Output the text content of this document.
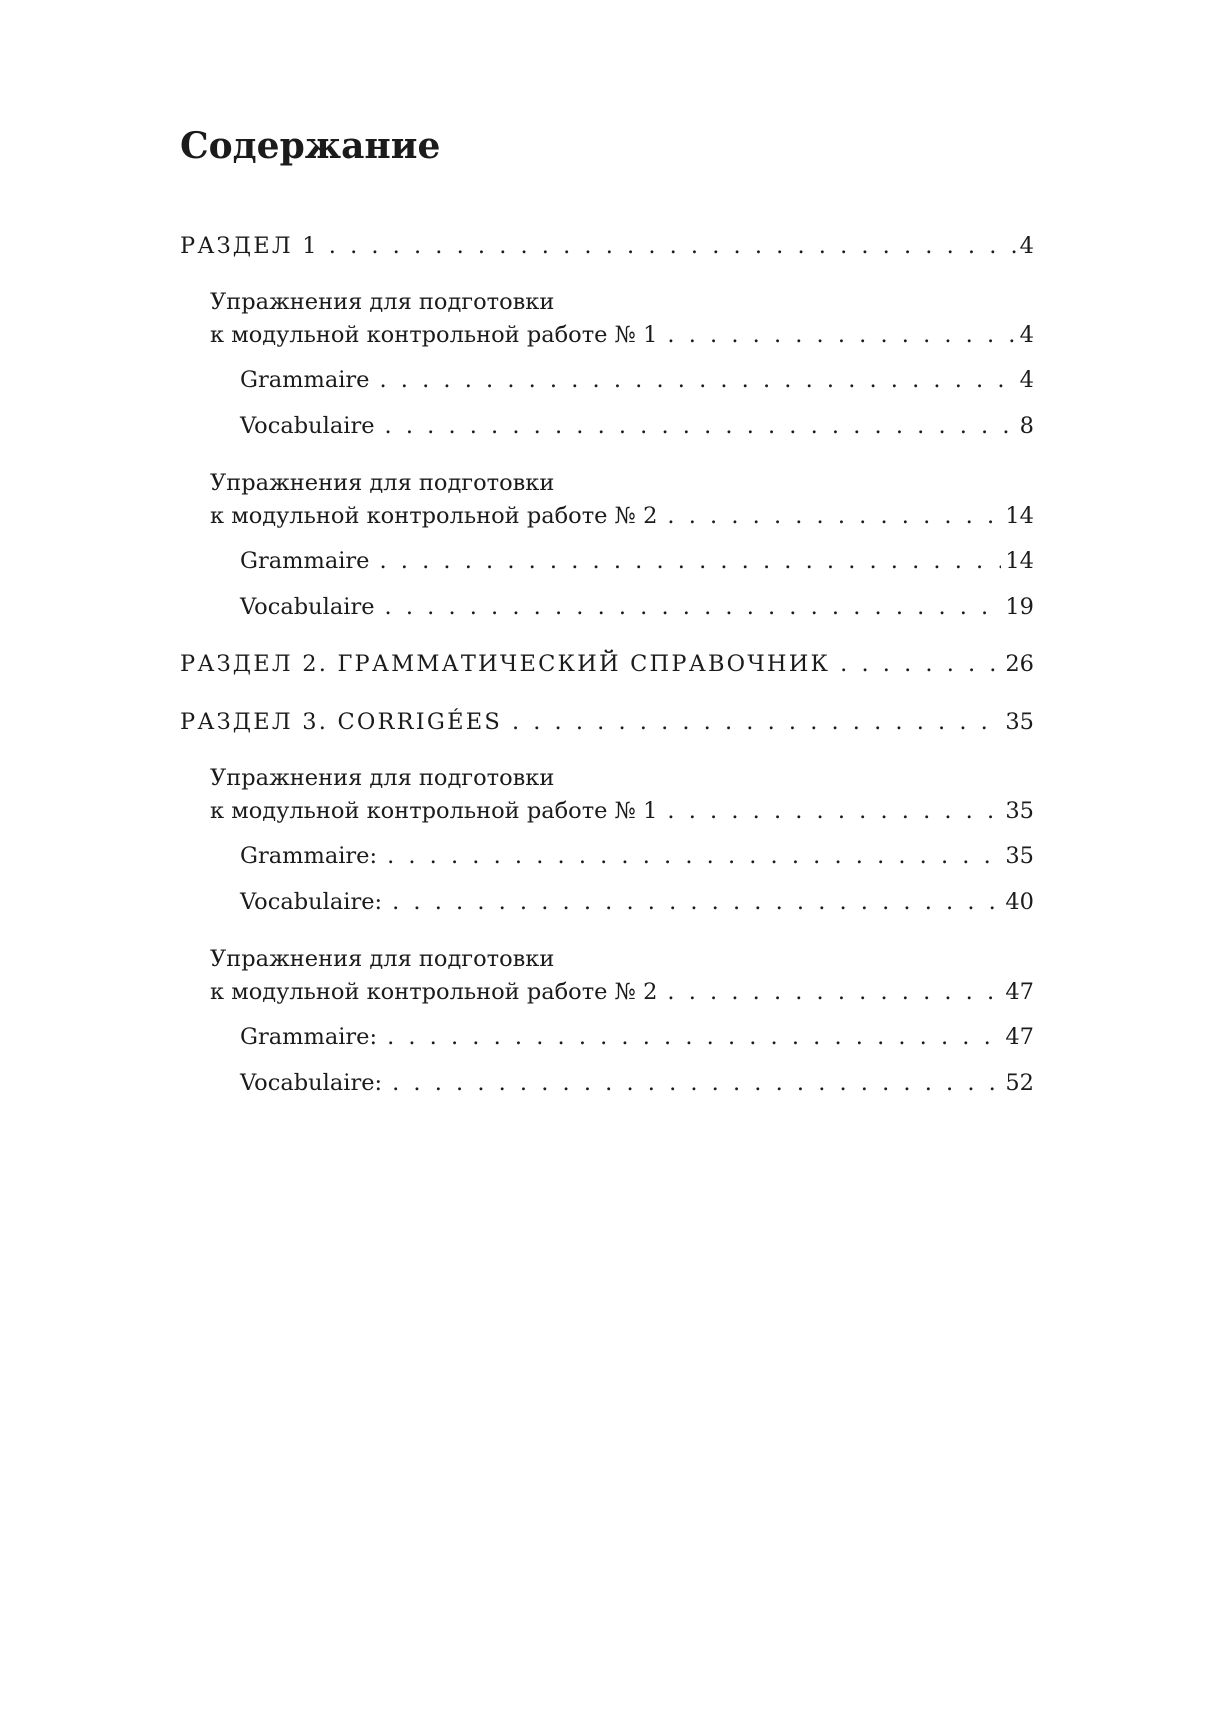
Содержание
РАЗДЕЛ 1 . . .	4
Упражнения для подготовки
к модульной контрольной работе № 1 . . .	4
Grammaire . . .	4
Vocabulaire . . .	8
Упражнения для подготовки
к модульной контрольной работе № 2 . . .	14
Grammaire . . .	14
Vocabulaire . . .	19
РАЗДЕЛ 2. ГРАММАТИЧЕСКИЙ СПРАВОЧНИК . . .	26
РАЗДЕЛ 3. CORRIGÉES . . .	35
Упражнения для подготовки
к модульной контрольной работе № 1 . . .	35
Grammaire: . . .	35
Vocabulaire: . . .	40
Упражнения для подготовки
к модульной контрольной работе № 2 . . .	47
Grammaire: . . .	47
Vocabulaire: . . .	52
